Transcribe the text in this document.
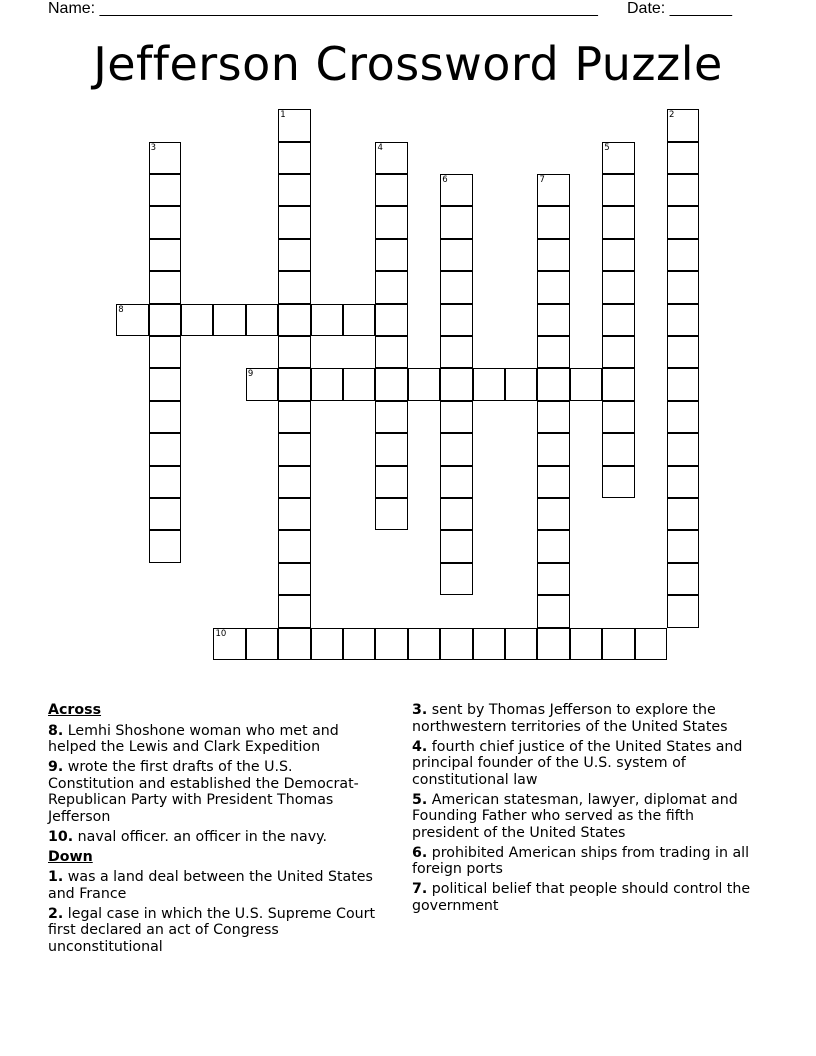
Name: ________________________________________________________ Date: _______
Jefferson Crossword Puzzle
1	2
3	4	5
6	7
8
9
10
Across
8. Lemhi Shoshone woman who met and helped the Lewis and Clark Expedition
9. wrote the first drafts of the U.S. Constitution and established the Democrat-Republican Party with President Thomas Jefferson
10. naval officer. an officer in the navy.
Down
1. was a land deal between the United States and France
2. legal case in which the U.S. Supreme Court first declared an act of Congress unconstitutional
3. sent by Thomas Jefferson to explore the northwestern territories of the United States
4. fourth chief justice of the United States and principal founder of the U.S. system of constitutional law
5. American statesman, lawyer, diplomat and Founding Father who served as the fifth president of the United States
6. prohibited American ships from trading in all foreign ports
7. political belief that people should control the government
